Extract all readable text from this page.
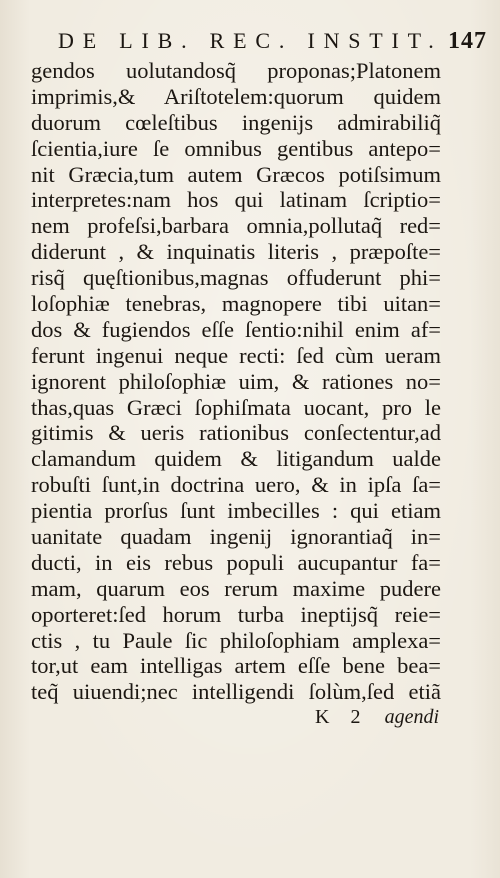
DE LIB. REC. INSTIT. 147
gendos uolutandosq̃ proponas;Platonem
imprimis,& Ariſtotelem:quorum quidem
duorum cœleſtibus ingenijs admirabiliq̃
ſcientia,iure ſe omnibus gentibus antepo=
nit Græcia,tum autem Græcos potiſsimum
interpretes:nam hos qui latinam ſcriptio=
nem profeſsi,barbara omnia,pollutaq̃ red=
diderunt , & inquinatis literis , præpoſte=
risq̃ quęſtionibus,magnas offuderunt phi=
loſophiæ tenebras, magnopere tibi uitan=
dos & fugiendos eſſe ſentio:nihil enim af=
ferunt ingenui neque recti: ſed cùm ueram
ignorent philoſophiæ uim, & rationes no=
thas,quas Græci ſophiſmata uocant, pro le
gitimis & ueris rationibus conſectentur,ad
clamandum quidem & litigandum ualde
robuſti ſunt,in doctrina uero, & in ipſa ſa=
pientia prorſus ſunt imbecilles : qui etiam
uanitate quadam ingenij ignorantiaq̃ in=
ducti, in eis rebus populi aucupantur fa=
mam, quarum eos rerum maxime pudere
oporteret:ſed horum turba ineptijsq̃ reie=
ctis , tu Paule ſic philoſophiam amplexa=
tor,ut eam intelligas artem eſſe bene bea=
teq̃ uiuendi;nec intelligendi ſolùm,ſed etiã
K 2 agendi
